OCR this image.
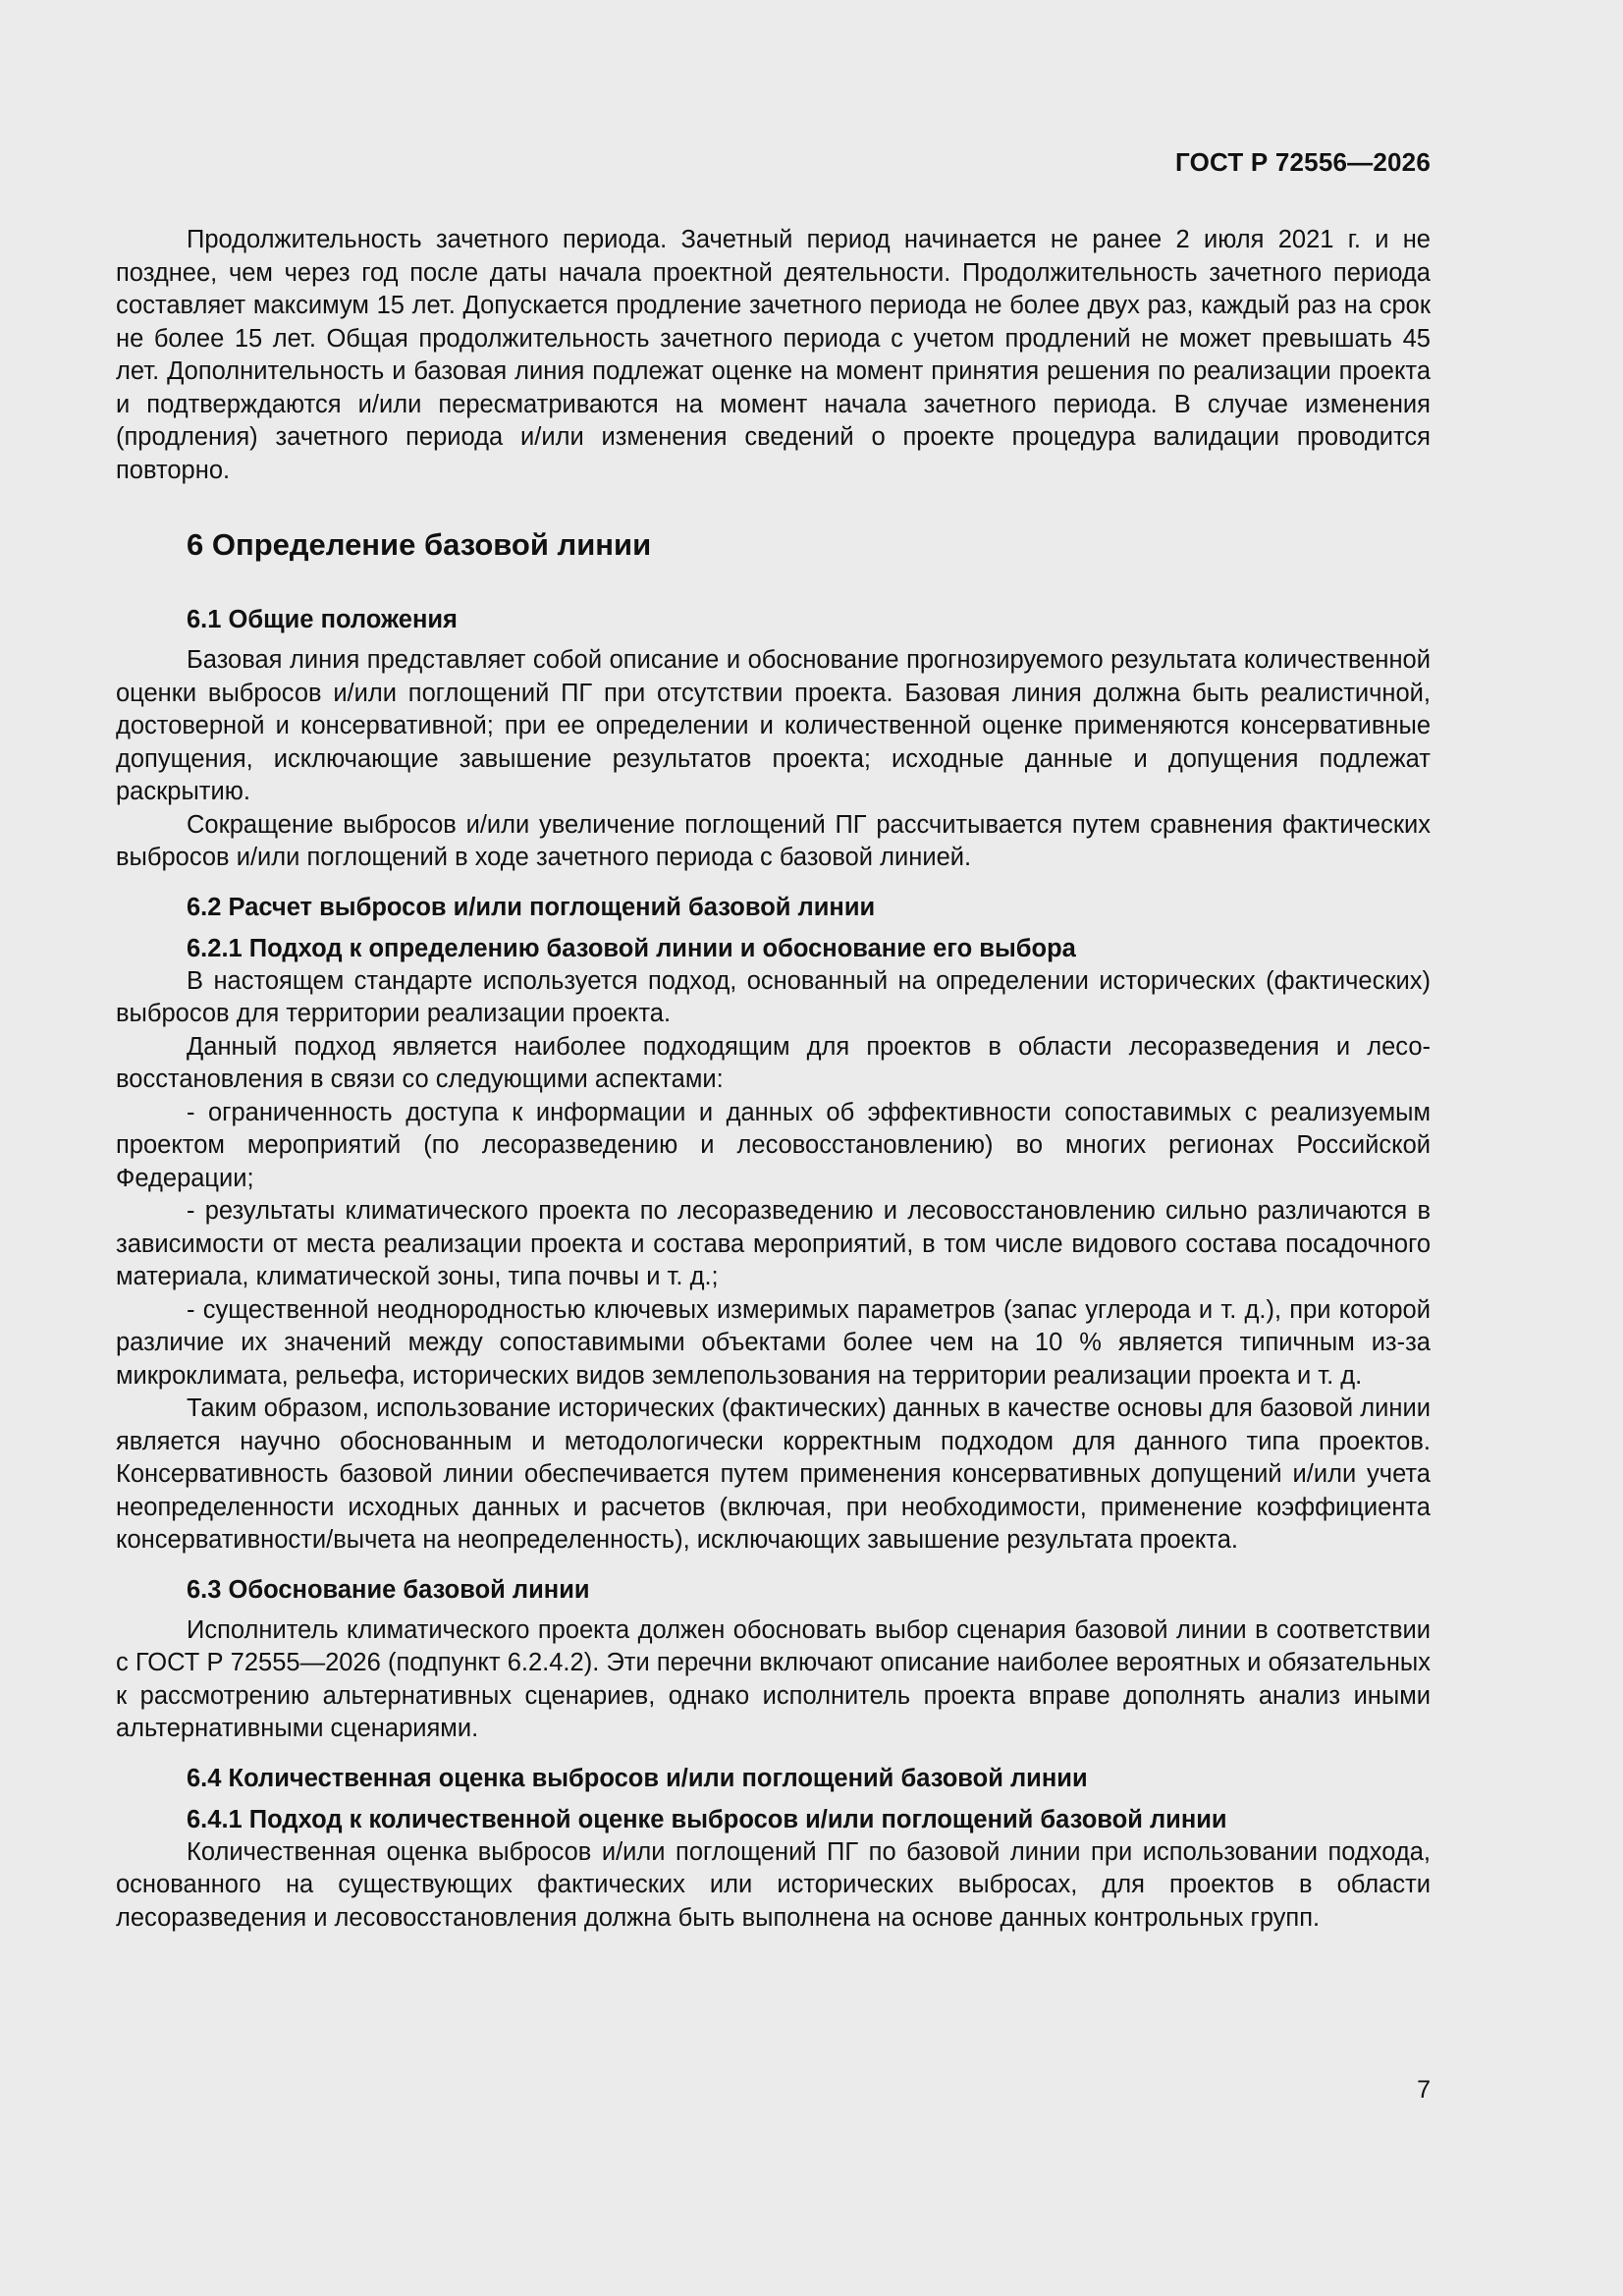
ГОСТ Р 72556—2026

Продолжительность зачетного периода. Зачетный период начинается не ранее 2 июля 2021 г. и не позднее, чем через год после даты начала проектной деятельности. Продолжительность зачетного периода составляет максимум 15 лет. Допускается продление зачетного периода не более двух раз, каждый раз на срок не более 15 лет. Общая продолжительность зачетного периода с учетом продлений не может превышать 45 лет. Дополнительность и базовая линия подлежат оценке на момент принятия решения по реализации проекта и подтверждаются и/или пересматриваются на момент начала зачетного периода. В случае изменения (продления) зачетного периода и/или изменения сведений о проекте процедура валидации проводится повторно.

6 Определение базовой линии
6.1 Общие положения

Базовая линия представляет собой описание и обоснование прогнозируемого результата количественной оценки выбросов и/или поглощений ПГ при отсутствии проекта. Базовая линия должна быть реалистичной, достоверной и консервативной; при ее определении и количественной оценке применяются консервативные допущения, исключающие завышение результатов проекта; исходные данные и допущения подлежат раскрытию.

Сокращение выбросов и/или увеличение поглощений ПГ рассчитывается путем сравнения фактических выбросов и/или поглощений в ходе зачетного периода с базовой линией.

6.2 Расчет выбросов и/или поглощений базовой линии
6.2.1 Подход к определению базовой линии и обоснование его выбора

В настоящем стандарте используется подход, основанный на определении исторических (фактических) выбросов для территории реализации проекта.

Данный подход является наиболее подходящим для проектов в области лесоразведения и лесовосстановления в связи со следующими аспектами:

- ограниченность доступа к информации и данных об эффективности сопоставимых с реализуемым проектом мероприятий (по лесоразведению и лесовосстановлению) во многих регионах Российской Федерации;

- результаты климатического проекта по лесоразведению и лесовосстановлению сильно различаются в зависимости от места реализации проекта и состава мероприятий, в том числе видового состава посадочного материала, климатической зоны, типа почвы и т. д.;

- существенной неоднородностью ключевых измеримых параметров (запас углерода и т. д.), при которой различие их значений между сопоставимыми объектами более чем на 10 % является типичным из-за микроклимата, рельефа, исторических видов землепользования на территории реализации проекта и т. д.

Таким образом, использование исторических (фактических) данных в качестве основы для базовой линии является научно обоснованным и методологически корректным подходом для данного типа проектов. Консервативность базовой линии обеспечивается путем применения консервативных допущений и/или учета неопределенности исходных данных и расчетов (включая, при необходимости, применение коэффициента консервативности/вычета на неопределенность), исключающих завышение результата проекта.

6.3 Обоснование базовой линии

Исполнитель климатического проекта должен обосновать выбор сценария базовой линии в соответствии с ГОСТ Р 72555—2026 (подпункт 6.2.4.2). Эти перечни включают описание наиболее вероятных и обязательных к рассмотрению альтернативных сценариев, однако исполнитель проекта вправе дополнять анализ иными альтернативными сценариями.

6.4 Количественная оценка выбросов и/или поглощений базовой линии
6.4.1 Подход к количественной оценке выбросов и/или поглощений базовой линии

Количественная оценка выбросов и/или поглощений ПГ по базовой линии при использовании подхода, основанного на существующих фактических или исторических выбросах, для проектов в области лесоразведения и лесовосстановления должна быть выполнена на основе данных контрольных групп.

7
